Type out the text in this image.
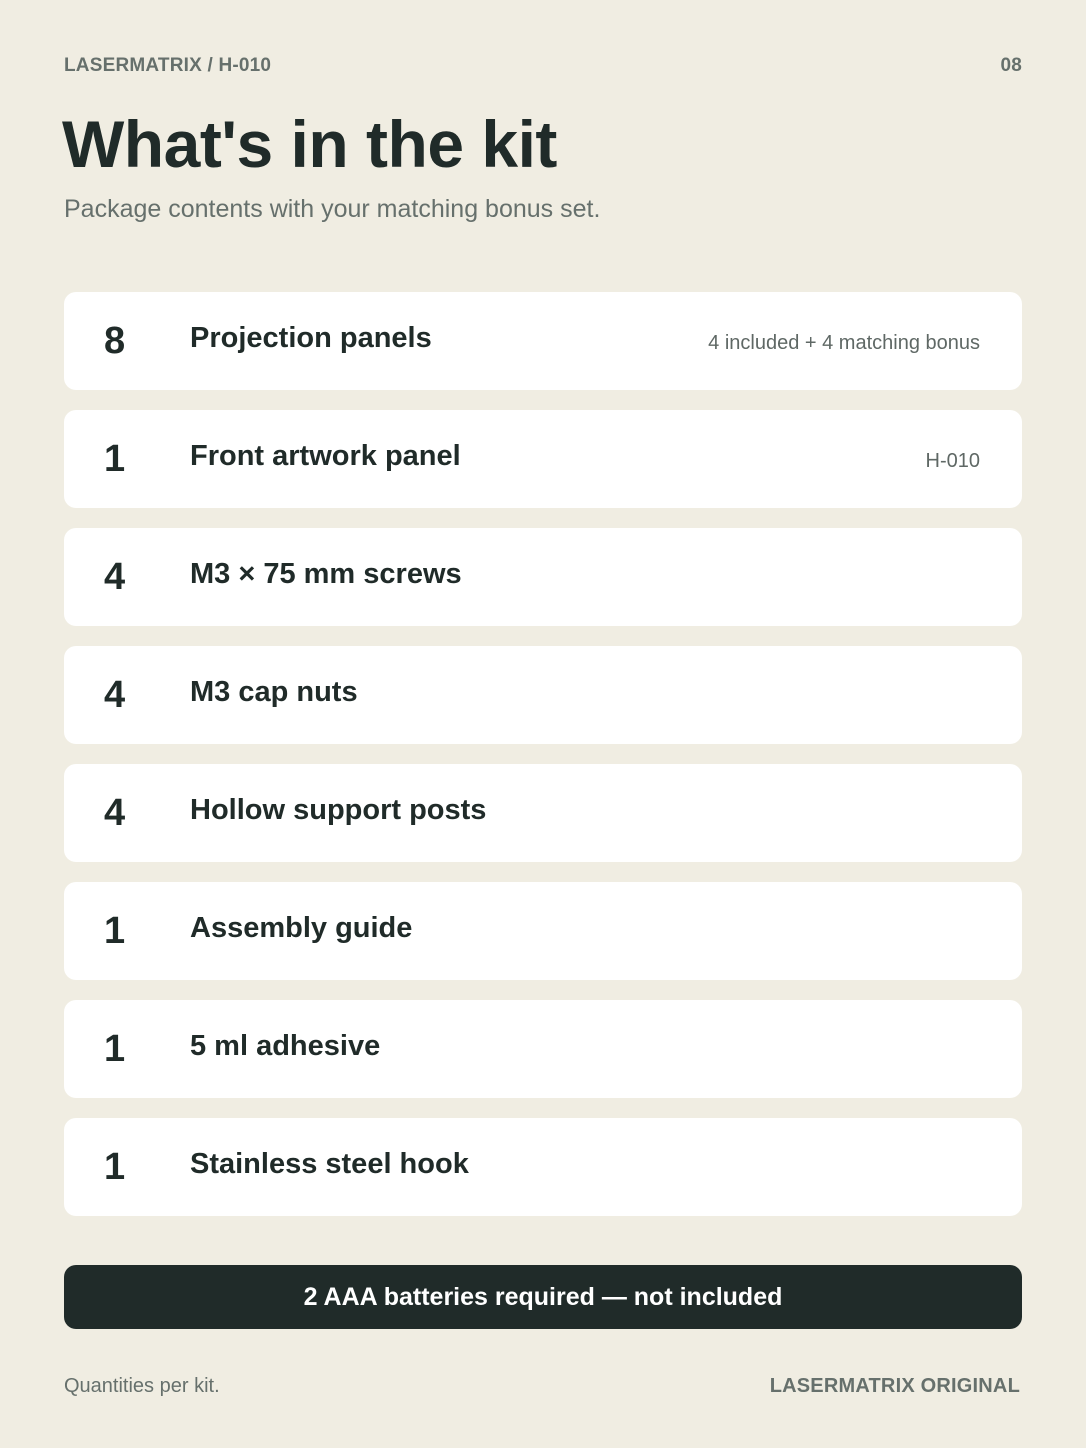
LASERMATRIX / H-010	08
What's in the kit

Package contents with your matching bonus set.

8 Projection panels	4 included + 4 matching bonus
1 Front artwork panel	H-010
4 M3 × 75 mm screws
4 M3 cap nuts
4 Hollow support posts
1 Assembly guide
1 5 ml adhesive
1 Stainless steel hook
2 AAA batteries required — not included
Quantities per kit.	LASERMATRIX ORIGINAL
